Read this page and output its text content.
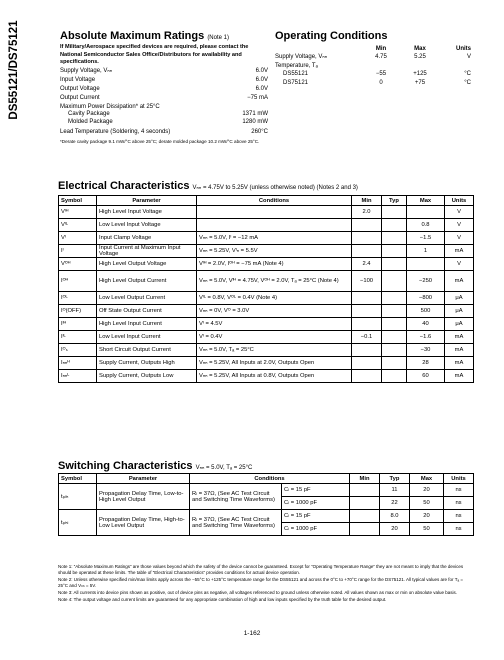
DS55121/DS75121	Absolute Maximum Ratings (Note 1)
If Military/Aerospace specified devices are required, please contact the National Semiconductor Sales Office/Distributors for availability and specifications.
Supply Voltage, Vₙₙ	6.0V
Input Voltage	6.0V
Output Voltage	6.0V
Output Current	−75 mA
Maximum Power Dissipation* at 25°C
Cavity Package	1371 mW
Molded Package	1280 mW
Lead Temperature (Soldering, 4 seconds)	260°C
*Derate cavity package 9.1 mW/°C above 25°C; derate molded package 10.2 mW/°C above 25°C.
Operating Conditions
Min	Max	Units
Supply Voltage, Vₙₙ	4.75	5.25	V
Temperature, Tₐ
DS55121	−55	+125	°C
DS75121	0	+75	°C
Electrical Characteristics Vₙₙ = 4.75V to 5.25V (unless otherwise noted) (Notes 2 and 3)
Symbol	Parameter	Conditions	Min	Typ	Max	Units
Vᴵᴴ	High Level Input Voltage		2.0			V
Vᴵᴸ	Low Level Input Voltage				0.8	V
Vᴵ	Input Clamp Voltage	Vₙₙ = 5.0V, Iᴵ = −12 mA			−1.5	V
Iᴵ	Input Current at Maximum Input Voltage	Vₙₙ = 5.25V, Vᴵₙ = 5.5V			1	mA
Vᴼᴴ	High Level Output Voltage	Vᴵᴴ = 2.0V, Iᴼᴴ = −75 mA (Note 4)	2.4			V
Iᴼᴴ	High Level Output Current	Vₙₙ = 5.0V, Vᴵᴴ = 4.75V, Vᴼᴴ = 2.0V, Tₐ = 25°C (Note 4)	−100		−250	mA
Iᴼᴸ	Low Level Output Current	Vᴵᴸ = 0.8V, Vᴼᴸ = 0.4V (Note 4)			−800	μA
Iᴼ(OFF)	Off State Output Current	Vₙₙ = 0V, Vᴼ = 3.0V			500	μA
Iᴵᴴ	High Level Input Current	Vᴵ = 4.5V			40	μA
Iᴵᴸ	Low Level Input Current	Vᴵ = 0.4V	−0.1		−1.6	mA
Iᴼₛ	Short Circuit Output Current	Vₙₙ = 5.0V, Tₐ = 25°C			−30	mA
Iₙₙᴴ	Supply Current, Outputs High	Vₙₙ = 5.25V, All Inputs at 2.0V, Outputs Open			28	mA
Iₙₙᴸ	Supply Current, Outputs Low	Vₙₙ = 5.25V, All Inputs at 0.8V, Outputs Open			60	mA
Switching Characteristics Vₙₙ = 5.0V, Tₐ = 25°C
Symbol	Parameter	Conditions		Min	Typ	Max	Units
tₚₗₕ	Propagation Delay Time, Low-to-High Level Output	Rₗ = 37Ω, (See AC Test Circuit and Switching Time Waveforms)	Cₗ = 15 pF		11	20	ns
			Cₗ = 1000 pF		22	50	ns
tₚₕₗ	Propagation Delay Time, High-to-Low Level Output	Rₗ = 37Ω, (See AC Test Circuit and Switching Time Waveforms)	Cₗ = 15 pF		8.0	20	ns
			Cₗ = 1000 pF		20	50	ns

Note 1: “Absolute Maximum Ratings” are those values beyond which the safety of the device cannot be guaranteed. Except for “Operating Temperature Range” they are not meant to imply that the devices should be operated at these limits. The table of “Electrical Characteristics” provides conditions for actual device operation.

Note 2: Unless otherwise specified min/max limits apply across the −55°C to +125°C temperature range for the DS55121 and across the 0°C to +70°C range for the DS75121. All typical values are for Tₐ = 25°C and Vₙₙ = 5V.

Note 3: All currents into device pins shown as positive, out of device pins as negative, all voltages referenced to ground unless otherwise noted. All values shown as max or min on absolute value basis.

Note 4: The output voltage and current limits are guaranteed for any appropriate combination of high and low inputs specified by the truth table for the desired output.

1-162
